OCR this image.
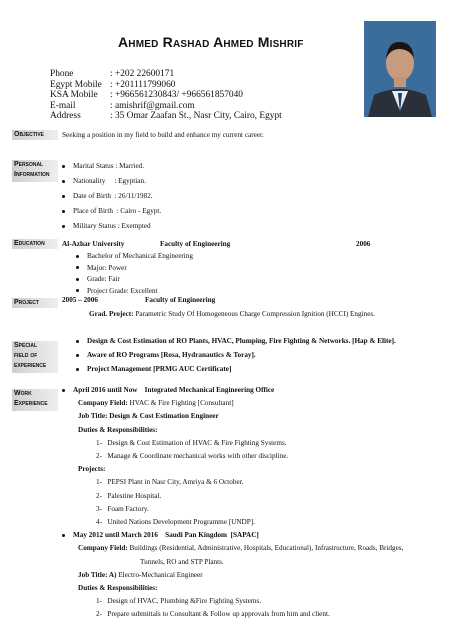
Ahmed Rashad Ahmed Mishrif
Phone	: +202 22600171
Egypt Mobile : +201111799060
KSA Mobile	: +966561230843/ +966561857040
E-mail	: amishrif@gmail.com
Address	: 35 Omar Zaafan St., Nasr City, Cairo, Egypt
Objective	Seeking a position in my field to build and enhance my current career.
Personal
Information
Marital Status : Married.
Nationality     : Egyptian.
Date of Birth  : 26/11/1982.
Place of Birth  : Cairo - Egypt.
Military Status : Exempted
Education	Al-Azhar University	Faculty of Engineering	2006
Bachelor of Mechanical Engineering
Major: Power
Grade: Fair
Project Grade: Excellent
Project	2005 – 2006	Faculty of Engineering
Grad. Project: Parametric Study Of Homogeneous Charge Compression Ignition (HCCI) Engines.
Special
field of
experience
Design & Cost Estimation of RO Plants, HVAC, Plumping, Fire Fighting & Networks. [Hap & Elite].
Aware of RO Programs [Rosa, Hydranautics & Toray].
Project Management [PRMG AUC Certificate]
Work
Experience
April 2016 until Now    Integrated Mechanical Engineering Office
Company Field: HVAC & Fire Fighting [Consultant]
Job Title: Design & Cost Estimation Engineer
Duties & Responsibilities:
1-   Design & Cost Estimation of HVAC & Fire Fighting Systems.
2-   Manage & Coordinate mechanical works with other discipline.
Projects:
1-   PEPSI Plant in Nasr City, Amriya & 6 October.
2-   Palestine Hospital.
3-   Foam Factory.
4-   United Nations Development Programme [UNDP].
May 2012 until March 2016    Saudi Pan Kingdom  [SAPAC]
Company Field: Buildings (Residential, Administrative, Hospitals, Educational), Infrastructure, Roads, Bridges,
Tunnels, RO and STP Plants.
Job Title: A) Electro-Mechanical Engineer
Duties & Responsibilities:
1-   Design of HVAC, Plumbing &Fire Fighting Systems.
2-   Prepare submittals to Consultant & Follow up approvals from him and client.
